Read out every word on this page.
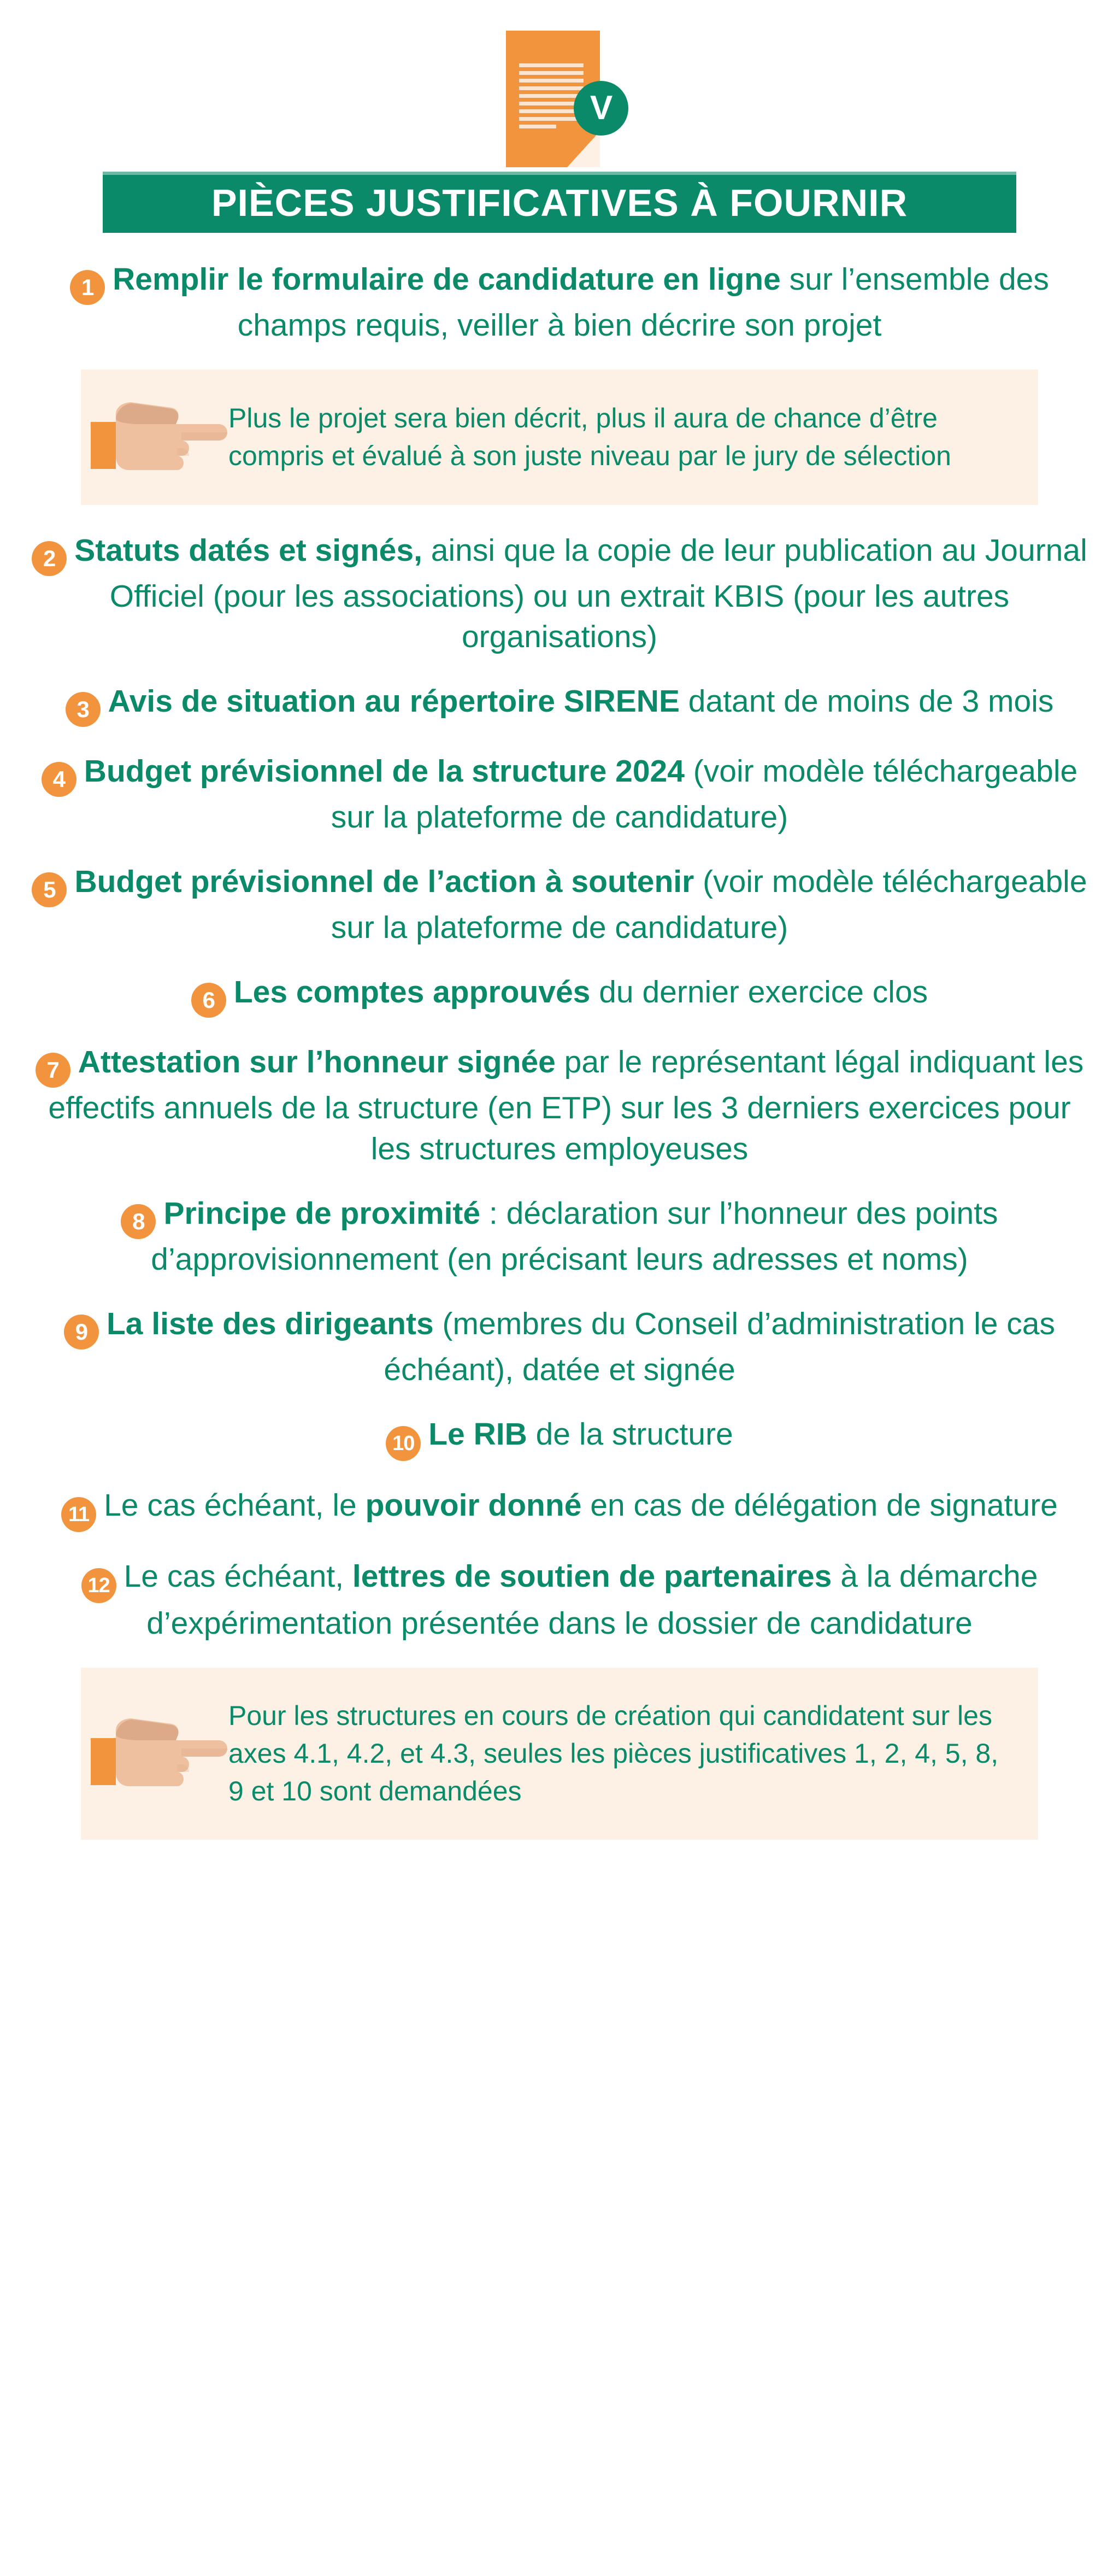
V
PIÈCES JUSTIFICATIVES À FOURNIR

1 Remplir le formulaire de candidature en ligne sur l’ensemble des champs requis, veiller à bien décrire son projet

Plus le projet sera bien décrit, plus il aura de chance d’être compris et évalué à son juste niveau par le jury de sélection

2 Statuts datés et signés, ainsi que la copie de leur publication au Journal Officiel (pour les associations) ou un extrait KBIS (pour les autres organisations)

3 Avis de situation au répertoire SIRENE datant de moins de 3 mois

4 Budget prévisionnel de la structure 2024 (voir modèle téléchargeable sur la plateforme de candidature)

5 Budget prévisionnel de l’action à soutenir (voir modèle téléchargeable sur la plateforme de candidature)

6 Les comptes approuvés du dernier exercice clos

7 Attestation sur l’honneur signée par le représentant légal indiquant les effectifs annuels de la structure (en ETP) sur les 3 derniers exercices pour les structures employeuses

8 Principe de proximité : déclaration sur l’honneur des points d’approvisionnement (en précisant leurs adresses et noms)

9 La liste des dirigeants (membres du Conseil d’administration le cas échéant), datée et signée

10 Le RIB de la structure

11 Le cas échéant, le pouvoir donné en cas de délégation de signature

12 Le cas échéant, lettres de soutien de partenaires à la démarche d’expérimentation présentée dans le dossier de candidature

Pour les structures en cours de création qui candidatent sur les axes 4.1, 4.2, et 4.3, seules les pièces justificatives 1, 2, 4, 5, 8, 9 et 10 sont demandées
